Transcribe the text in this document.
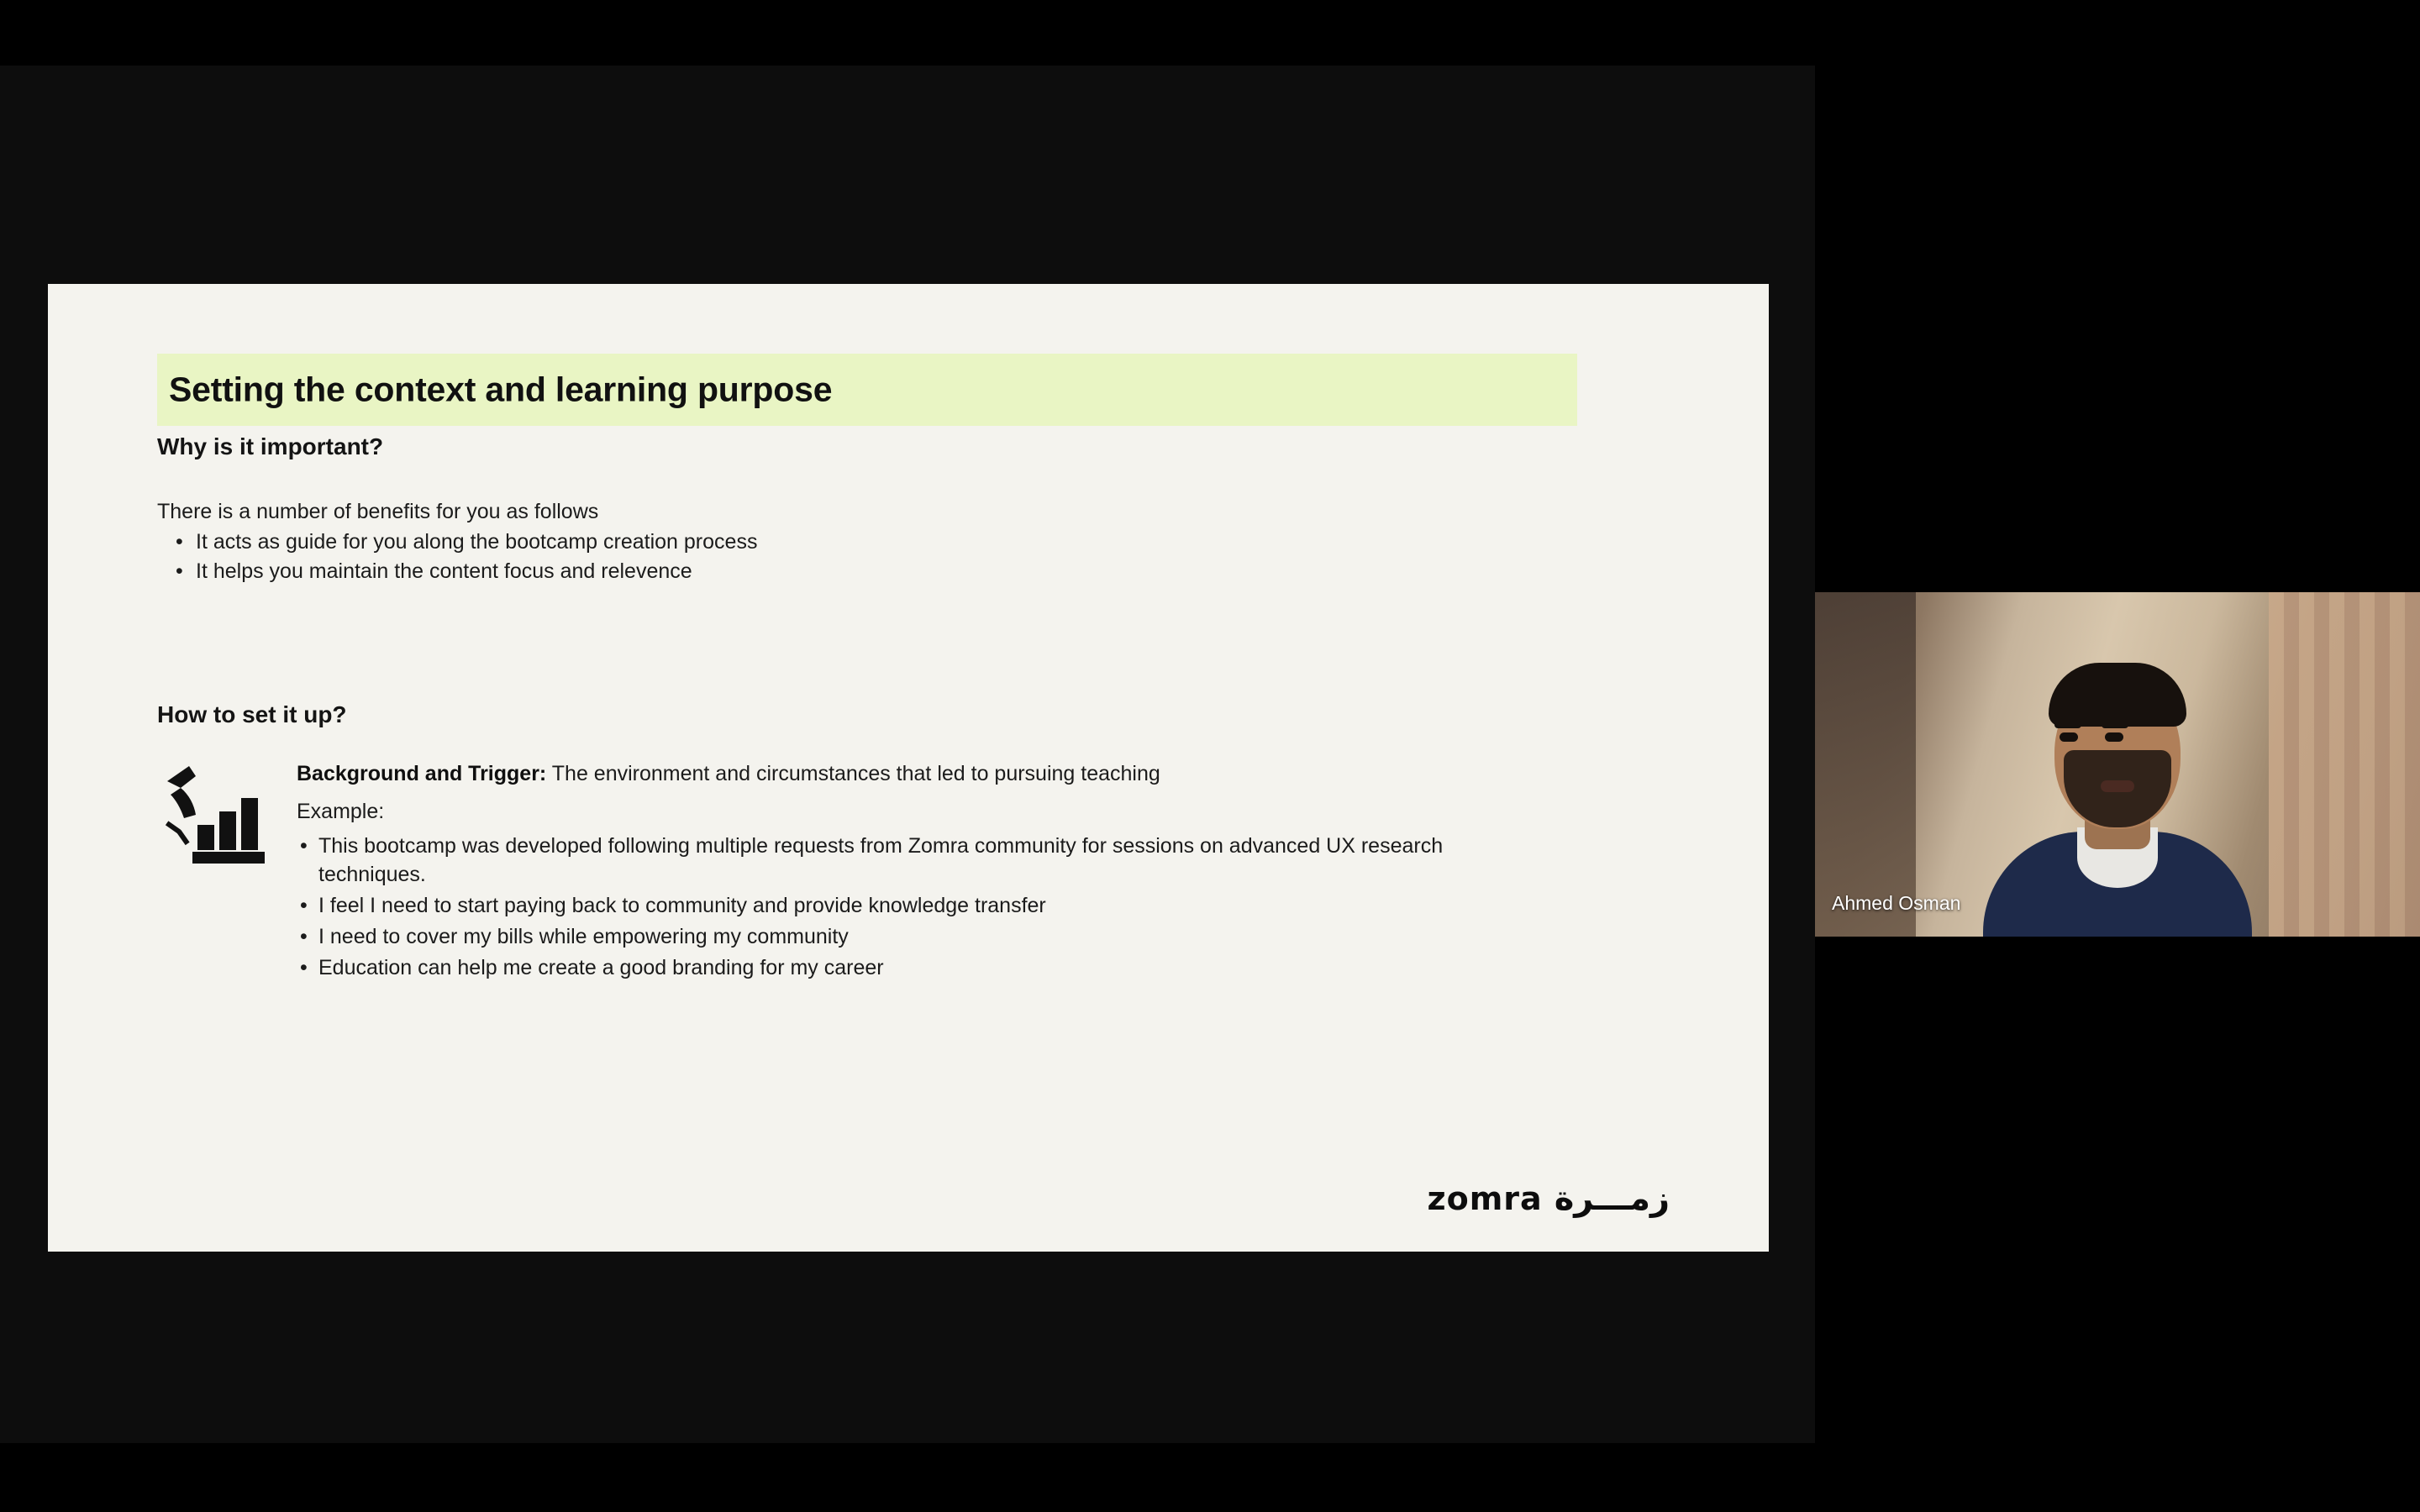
Setting the context and learning purpose
Why is it important?
There is a number of benefits for you as follows
• It acts as guide for you along the bootcamp creation process
• It helps you maintain the content focus and relevence
How to set it up?
Background and Trigger: The environment and circumstances that led to pursuing teaching
Example:
• This bootcamp was developed following multiple requests from Zomra community for sessions on advanced UX research techniques.
• I feel I need to start paying back to community and provide knowledge transfer
• I need to cover my bills while empowering my community
• Education can help me create a good branding for my career
zomra زمـــرة
Ahmed Osman
